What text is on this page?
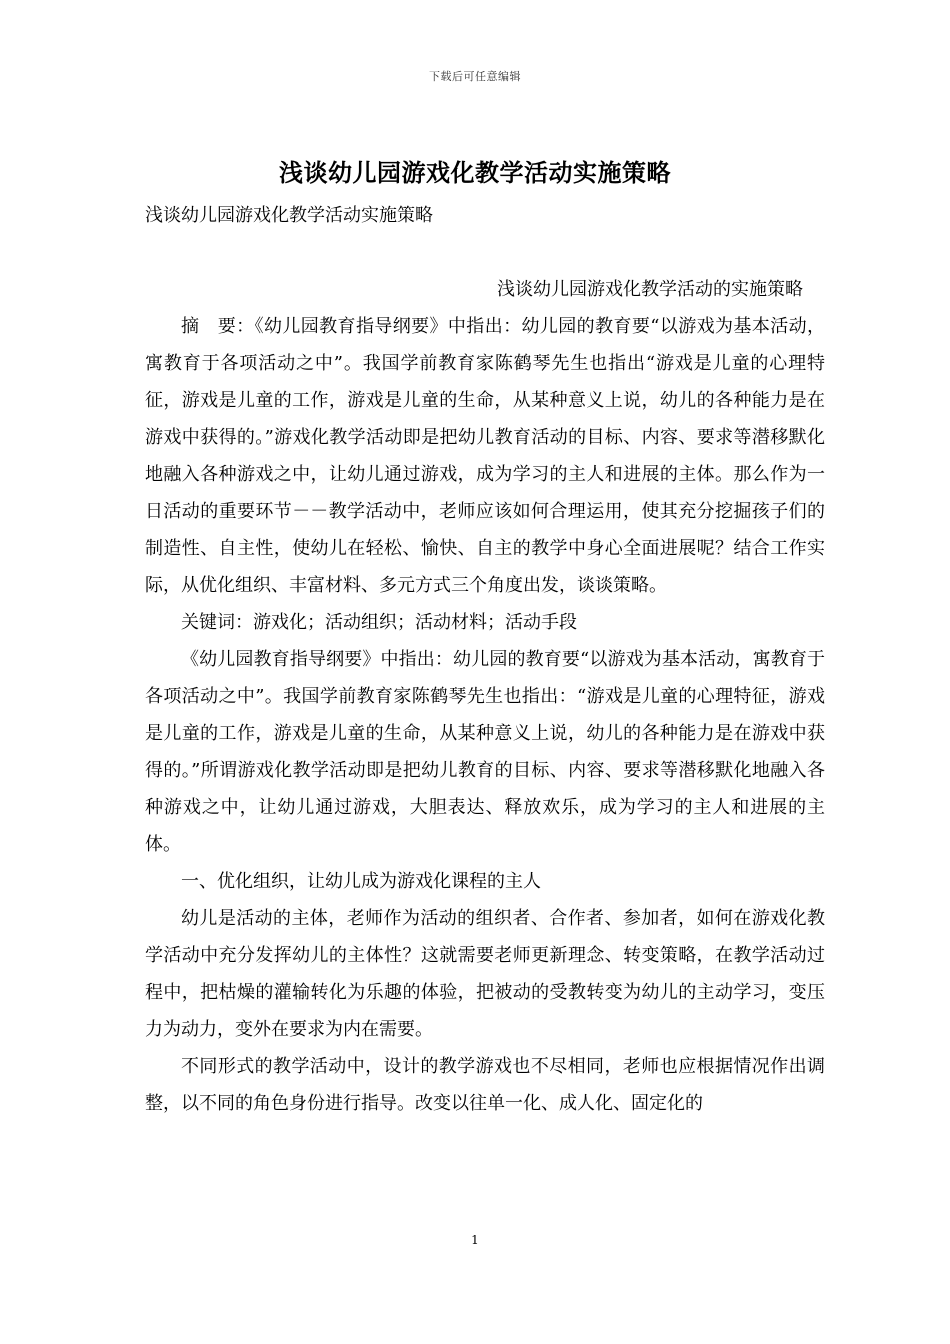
下载后可任意编辑
浅谈幼儿园游戏化教学活动实施策略

浅谈幼儿园游戏化教学活动实施策略

浅谈幼儿园游戏化教学活动的实施策略

摘　要：《幼儿园教育指导纲要》中指出：幼儿园的教育要“以游戏为基本活动，寓教育于各项活动之中”。我国学前教育家陈鹤琴先生也指出“游戏是儿童的心理特征，游戏是儿童的工作，游戏是儿童的生命，从某种意义上说，幼儿的各种能力是在游戏中获得的。”游戏化教学活动即是把幼儿教育活动的目标、内容、要求等潜移默化地融入各种游戏之中，让幼儿通过游戏，成为学习的主人和进展的主体。那么作为一日活动的重要环节－－教学活动中，老师应该如何合理运用，使其充分挖掘孩子们的制造性、自主性，使幼儿在轻松、愉快、自主的教学中身心全面进展呢？结合工作实际，从优化组织、丰富材料、多元方式三个角度出发，谈谈策略。

关键词：游戏化；活动组织；活动材料；活动手段

《幼儿园教育指导纲要》中指出：幼儿园的教育要“以游戏为基本活动，寓教育于各项活动之中”。我国学前教育家陈鹤琴先生也指出：“游戏是儿童的心理特征，游戏是儿童的工作，游戏是儿童的生命，从某种意义上说，幼儿的各种能力是在游戏中获得的。”所谓游戏化教学活动即是把幼儿教育的目标、内容、要求等潜移默化地融入各种游戏之中，让幼儿通过游戏，大胆表达、释放欢乐，成为学习的主人和进展的主体。

一、优化组织，让幼儿成为游戏化课程的主人

幼儿是活动的主体，老师作为活动的组织者、合作者、参加者，如何在游戏化教学活动中充分发挥幼儿的主体性？这就需要老师更新理念、转变策略，在教学活动过程中，把枯燥的灌输转化为乐趣的体验，把被动的受教转变为幼儿的主动学习，变压力为动力，变外在要求为内在需要。

不同形式的教学活动中，设计的教学游戏也不尽相同，老师也应根据情况作出调整，以不同的角色身份进行指导。改变以往单一化、成人化、固定化的

1
